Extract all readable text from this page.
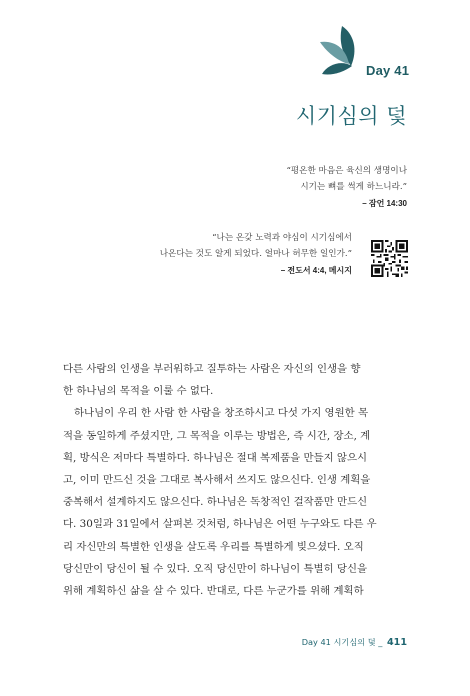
Day 41
시기심의 덫
“평온한 마음은 육신의 생명이나
시기는 뼈를 썩게 하느니라.”
– 잠언 14:30
“나는 온갖 노력과 야심이 시기심에서
나온다는 것도 알게 되었다. 얼마나 허무한 일인가.”
– 전도서 4:4, 메시지

다른 사람의 인생을 부러워하고 질투하는 사람은 자신의 인생을 향
한 하나님의 목적을 이룰 수 없다.

하나님이 우리 한 사람 한 사람을 창조하시고 다섯 가지 영원한 목
적을 동일하게 주셨지만, 그 목적을 이루는 방법은, 즉 시간, 장소, 계
획, 방식은 저마다 특별하다. 하나님은 절대 복제품을 만들지 않으시
고, 이미 만드신 것을 그대로 복사해서 쓰지도 않으신다. 인생 계획을
중복해서 설계하지도 않으신다. 하나님은 독창적인 걸작품만 만드신
다. 30일과 31일에서 살펴본 것처럼, 하나님은 어떤 누구와도 다른 우
리 자신만의 특별한 인생을 살도록 우리를 특별하게 빚으셨다. 오직
당신만이 당신이 될 수 있다. 오직 당신만이 하나님이 특별히 당신을
위해 계획하신 삶을 살 수 있다. 반대로, 다른 누군가를 위해 계획하

Day 41 시기심의 덫 _ 411
